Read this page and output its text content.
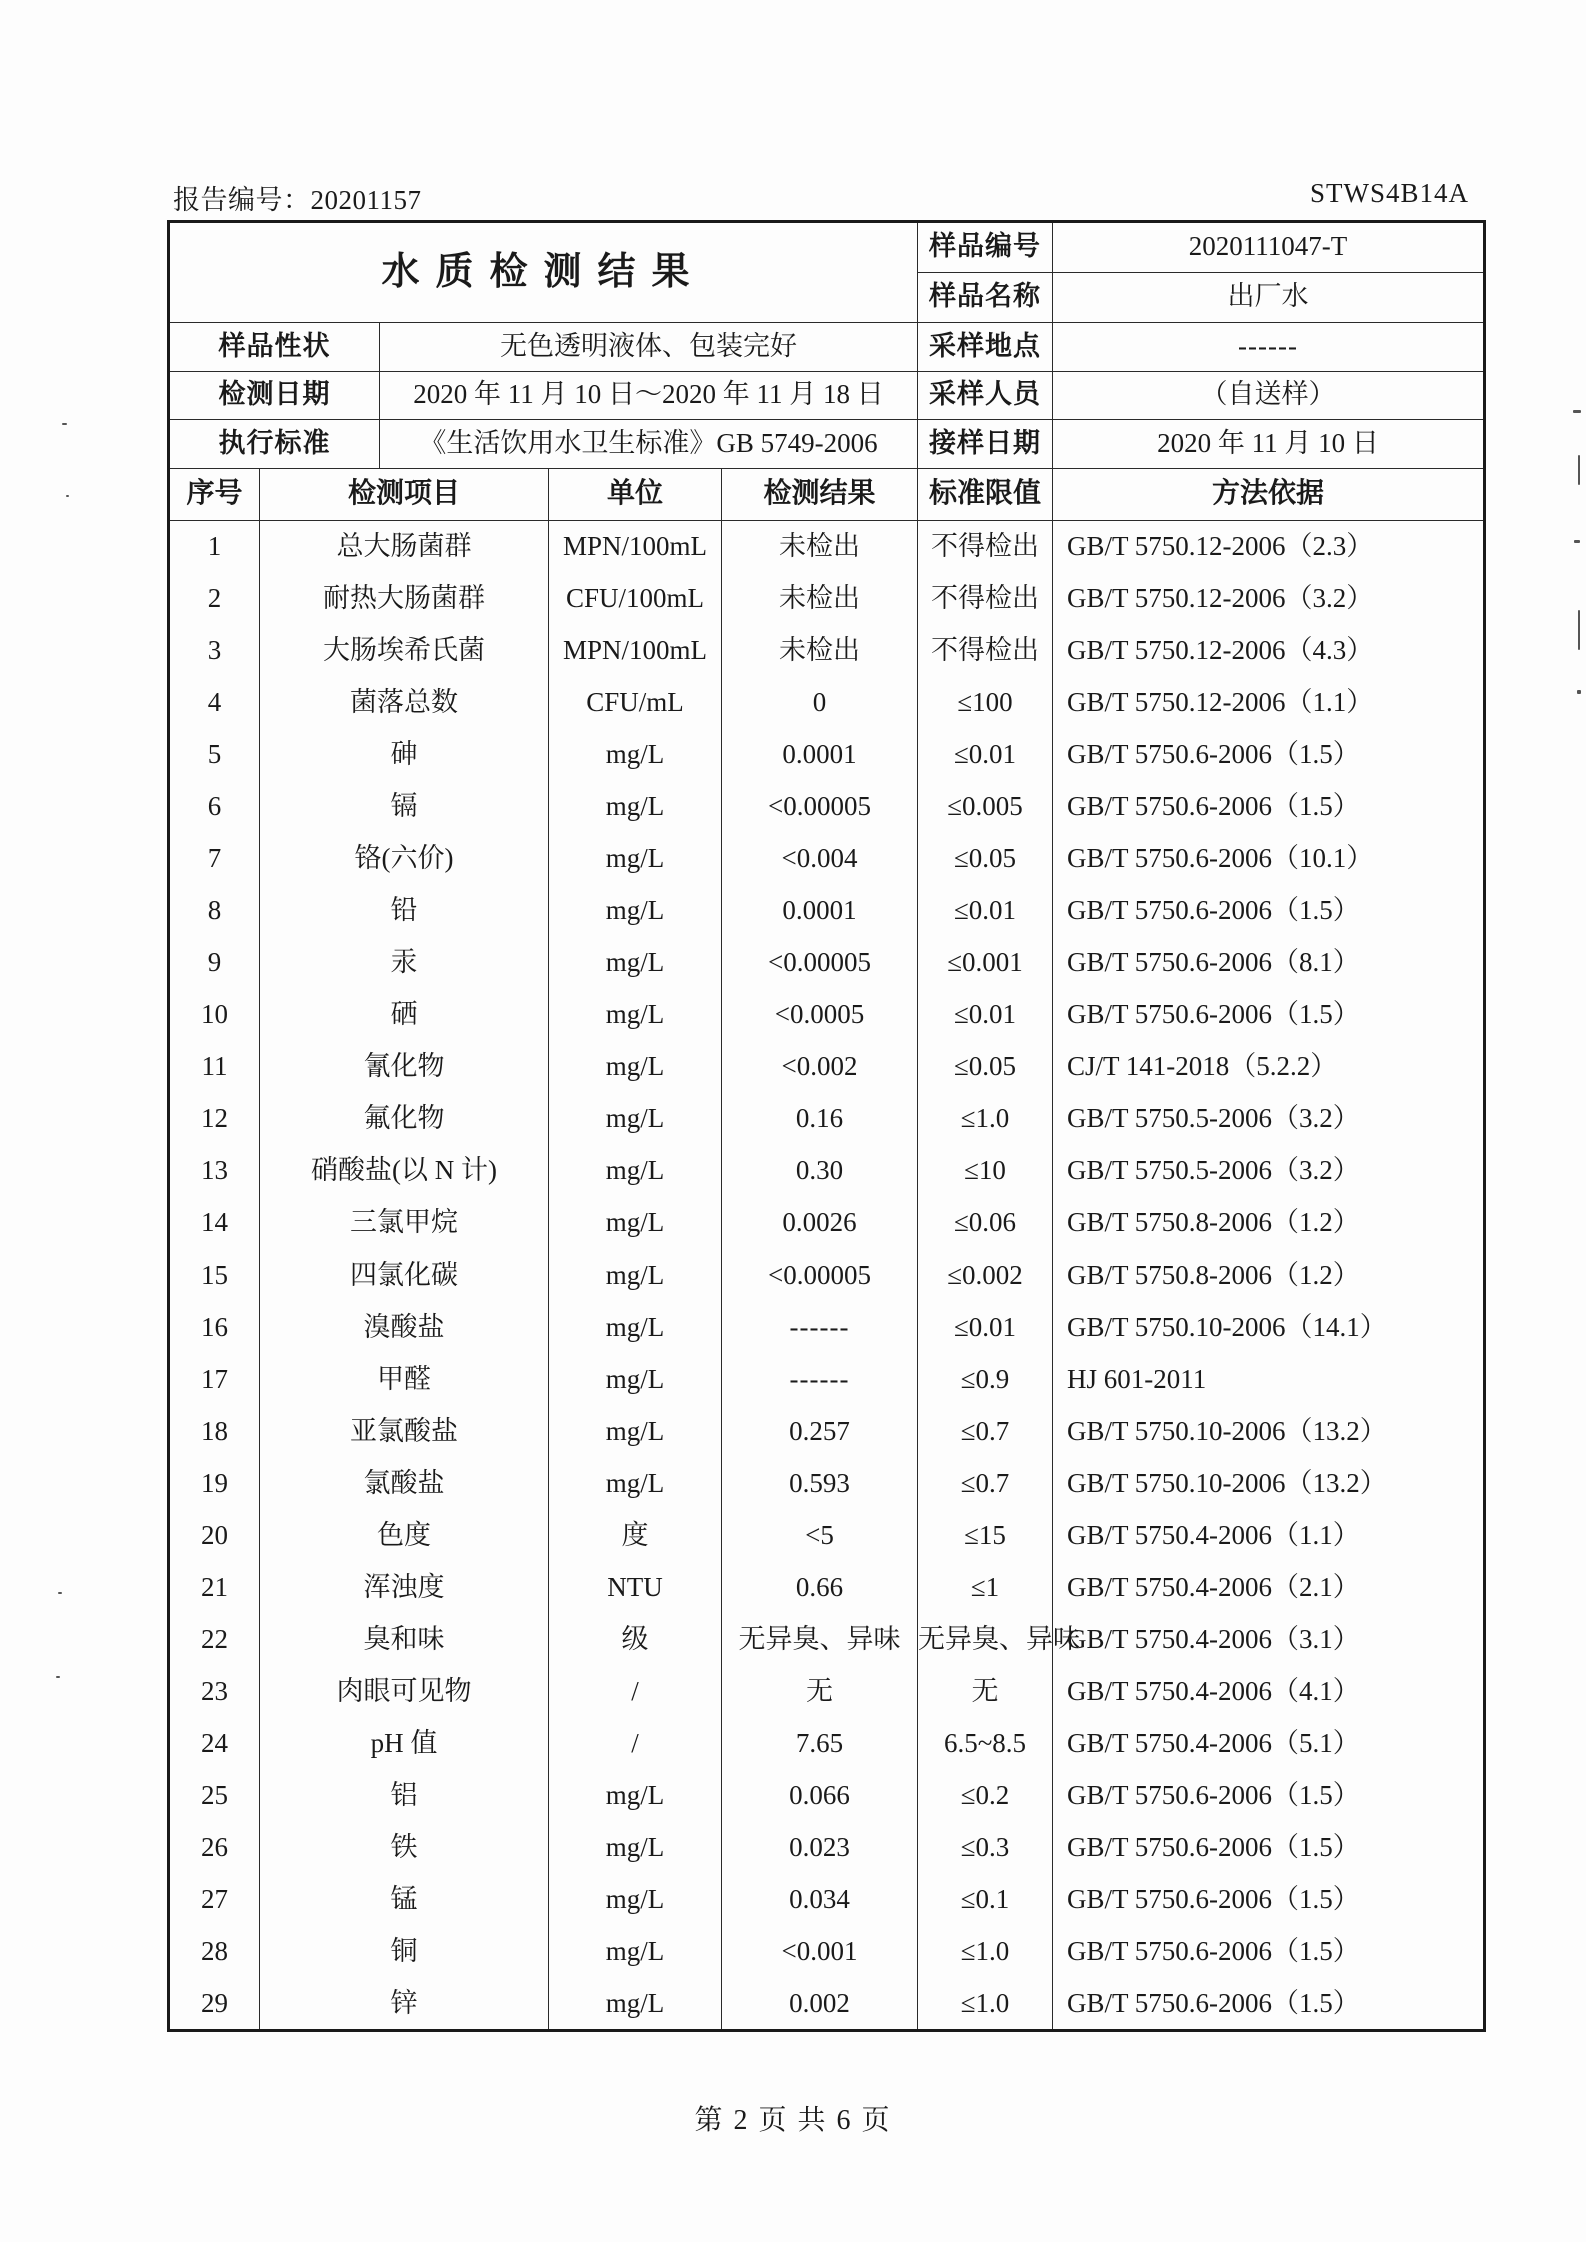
报告编号：20201157	STWS4B14A
水质检测结果					样品编号	2020111047-T
					样品名称	出厂水
样品性状		无色透明液体、包装完好			采样地点	------
检测日期		2020 年 11 月 10 日～2020 年 11 月 18 日			采样人员	（自送样）
执行标准		《生活饮用水卫生标准》GB 5749-2006			接样日期	2020 年 11 月 10 日
序号	检测项目		单位	检测结果	标准限值	方法依据
1	总大肠菌群		MPN/100mL	未检出	不得检出	GB/T 5750.12-2006（2.3）
2	耐热大肠菌群		CFU/100mL	未检出	不得检出	GB/T 5750.12-2006（3.2）
3	大肠埃希氏菌		MPN/100mL	未检出	不得检出	GB/T 5750.12-2006（4.3）
4	菌落总数		CFU/mL	0	≤100	GB/T 5750.12-2006（1.1）
5	砷		mg/L	0.0001	≤0.01	GB/T 5750.6-2006（1.5）
6	镉		mg/L	<0.00005	≤0.005	GB/T 5750.6-2006（1.5）
7	铬(六价)		mg/L	<0.004	≤0.05	GB/T 5750.6-2006（10.1）
8	铅		mg/L	0.0001	≤0.01	GB/T 5750.6-2006（1.5）
9	汞		mg/L	<0.00005	≤0.001	GB/T 5750.6-2006（8.1）
10	硒		mg/L	<0.0005	≤0.01	GB/T 5750.6-2006（1.5）
11	氰化物		mg/L	<0.002	≤0.05	CJ/T 141-2018（5.2.2）
12	氟化物		mg/L	0.16	≤1.0	GB/T 5750.5-2006（3.2）
13	硝酸盐(以 N 计)		mg/L	0.30	≤10	GB/T 5750.5-2006（3.2）
14	三氯甲烷		mg/L	0.0026	≤0.06	GB/T 5750.8-2006（1.2）
15	四氯化碳		mg/L	<0.00005	≤0.002	GB/T 5750.8-2006（1.2）
16	溴酸盐		mg/L	------	≤0.01	GB/T 5750.10-2006（14.1）
17	甲醛		mg/L	------	≤0.9	HJ 601-2011
18	亚氯酸盐		mg/L	0.257	≤0.7	GB/T 5750.10-2006（13.2）
19	氯酸盐		mg/L	0.593	≤0.7	GB/T 5750.10-2006（13.2）
20	色度		度	<5	≤15	GB/T 5750.4-2006（1.1）
21	浑浊度		NTU	0.66	≤1	GB/T 5750.4-2006（2.1）
22	臭和味		级	无异臭、异味	无异臭、异味	GB/T 5750.4-2006（3.1）
23	肉眼可见物		/	无	无	GB/T 5750.4-2006（4.1）
24	pH 值		/	7.65	6.5~8.5	GB/T 5750.4-2006（5.1）
25	铝		mg/L	0.066	≤0.2	GB/T 5750.6-2006（1.5）
26	铁		mg/L	0.023	≤0.3	GB/T 5750.6-2006（1.5）
27	锰		mg/L	0.034	≤0.1	GB/T 5750.6-2006（1.5）
28	铜		mg/L	<0.001	≤1.0	GB/T 5750.6-2006（1.5）
29	锌		mg/L	0.002	≤1.0	GB/T 5750.6-2006（1.5）
第 2 页 共 6 页
